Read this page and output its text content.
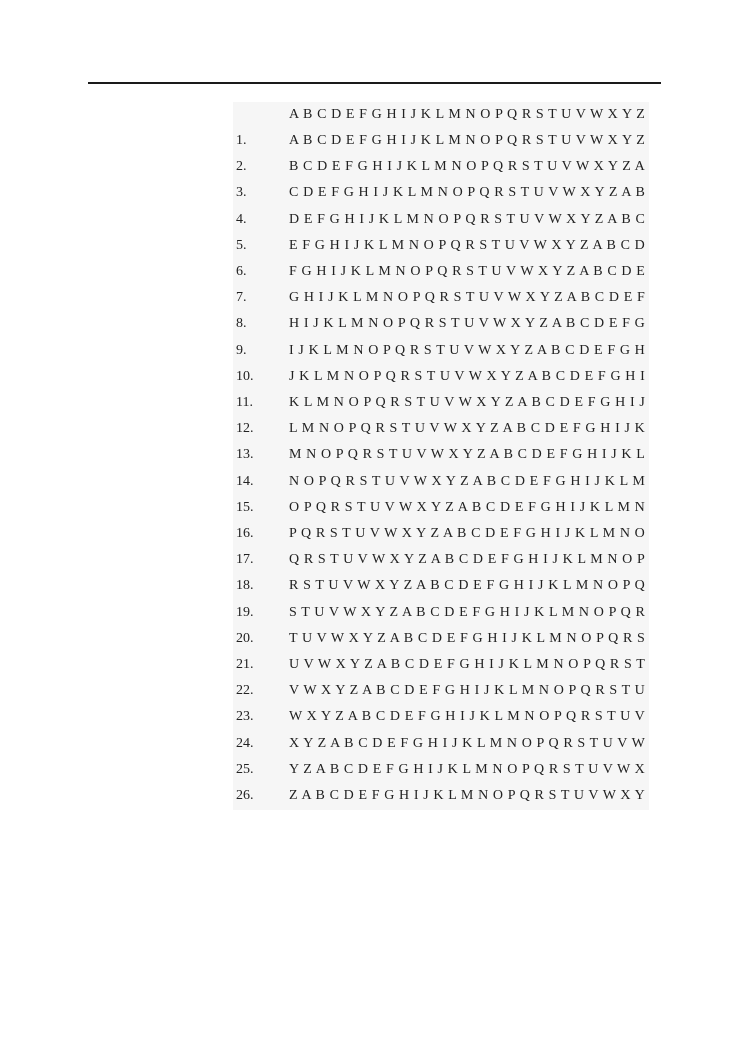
A B C D E F G H I J K L M N O P Q R S T U V W X Y Z
1.	A B C D E F G H I J K L M N O P Q R S T U V W X Y Z
2.	B C D E F G H I J K L M N O P Q R S T U V W X Y Z A
3.	C D E F G H I J K L M N O P Q R S T U V W X Y Z A B
4.	D E F G H I J K L M N O P Q R S T U V W X Y Z A B C
5.	E F G H I J K L M N O P Q R S T U V W X Y Z A B C D
6.	F G H I J K L M N O P Q R S T U V W X Y Z A B C D E
7.	G H I J K L M N O P Q R S T U V W X Y Z A B C D E F
8.	H I J K L M N O P Q R S T U V W X Y Z A B C D E F G
9.	I J K L M N O P Q R S T U V W X Y Z A B C D E F G H
10.	J K L M N O P Q R S T U V W X Y Z A B C D E F G H I
11.	K L M N O P Q R S T U V W X Y Z A B C D E F G H I J
12.	L M N O P Q R S T U V W X Y Z A B C D E F G H I J K
13.	M N O P Q R S T U V W X Y Z A B C D E F G H I J K L
14.	N O P Q R S T U V W X Y Z A B C D E F G H I J K L M
15.	O P Q R S T U V W X Y Z A B C D E F G H I J K L M N
16.	P Q R S T U V W X Y Z A B C D E F G H I J K L M N O
17.	Q R S T U V W X Y Z A B C D E F G H I J K L M N O P
18.	R S T U V W X Y Z A B C D E F G H I J K L M N O P Q
19.	S T U V W X Y Z A B C D E F G H I J K L M N O P Q R
20.	T U V W X Y Z A B C D E F G H I J K L M N O P Q R S
21.	U V W X Y Z A B C D E F G H I J K L M N O P Q R S T
22.	V W X Y Z A B C D E F G H I J K L M N O P Q R S T U
23.	W X Y Z A B C D E F G H I J K L M N O P Q R S T U V
24.	X Y Z A B C D E F G H I J K L M N O P Q R S T U V W
25.	Y Z A B C D E F G H I J K L M N O P Q R S T U V W X
26.	Z A B C D E F G H I J K L M N O P Q R S T U V W X Y
